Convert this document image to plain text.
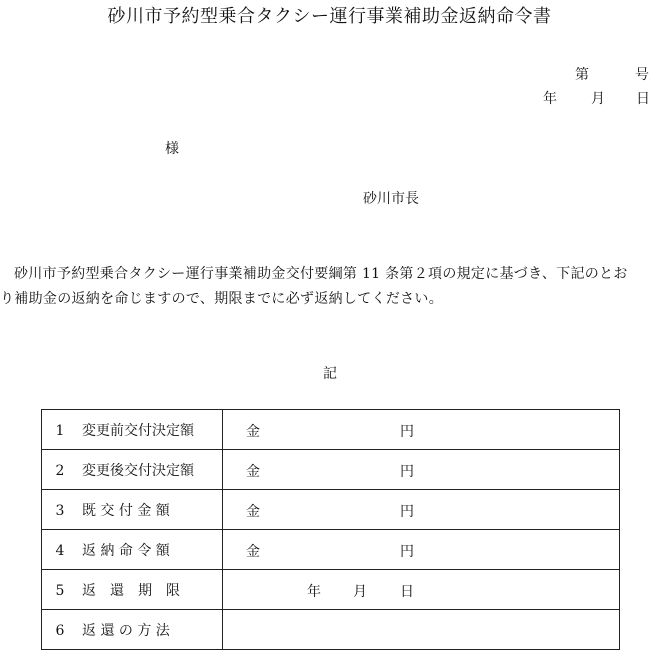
砂川市予約型乗合タクシー運行事業補助金返納命令書
第	号
年 月 日
様
砂川市長
砂川市予約型乗合タクシー運行事業補助金交付要綱第 11 条第２項の規定に基づき、下記のとお
り補助金の返納を命じますので、期限までに必ず返納してください。
記
1 変更前交付決定額	金 円

2 変更後交付決定額	金 円

3 既 交 付 金 額	金 円

4 返 納 命 令 額	金 円

5 返　還　期　限	年 月 日

6 返 還 の 方 法	
